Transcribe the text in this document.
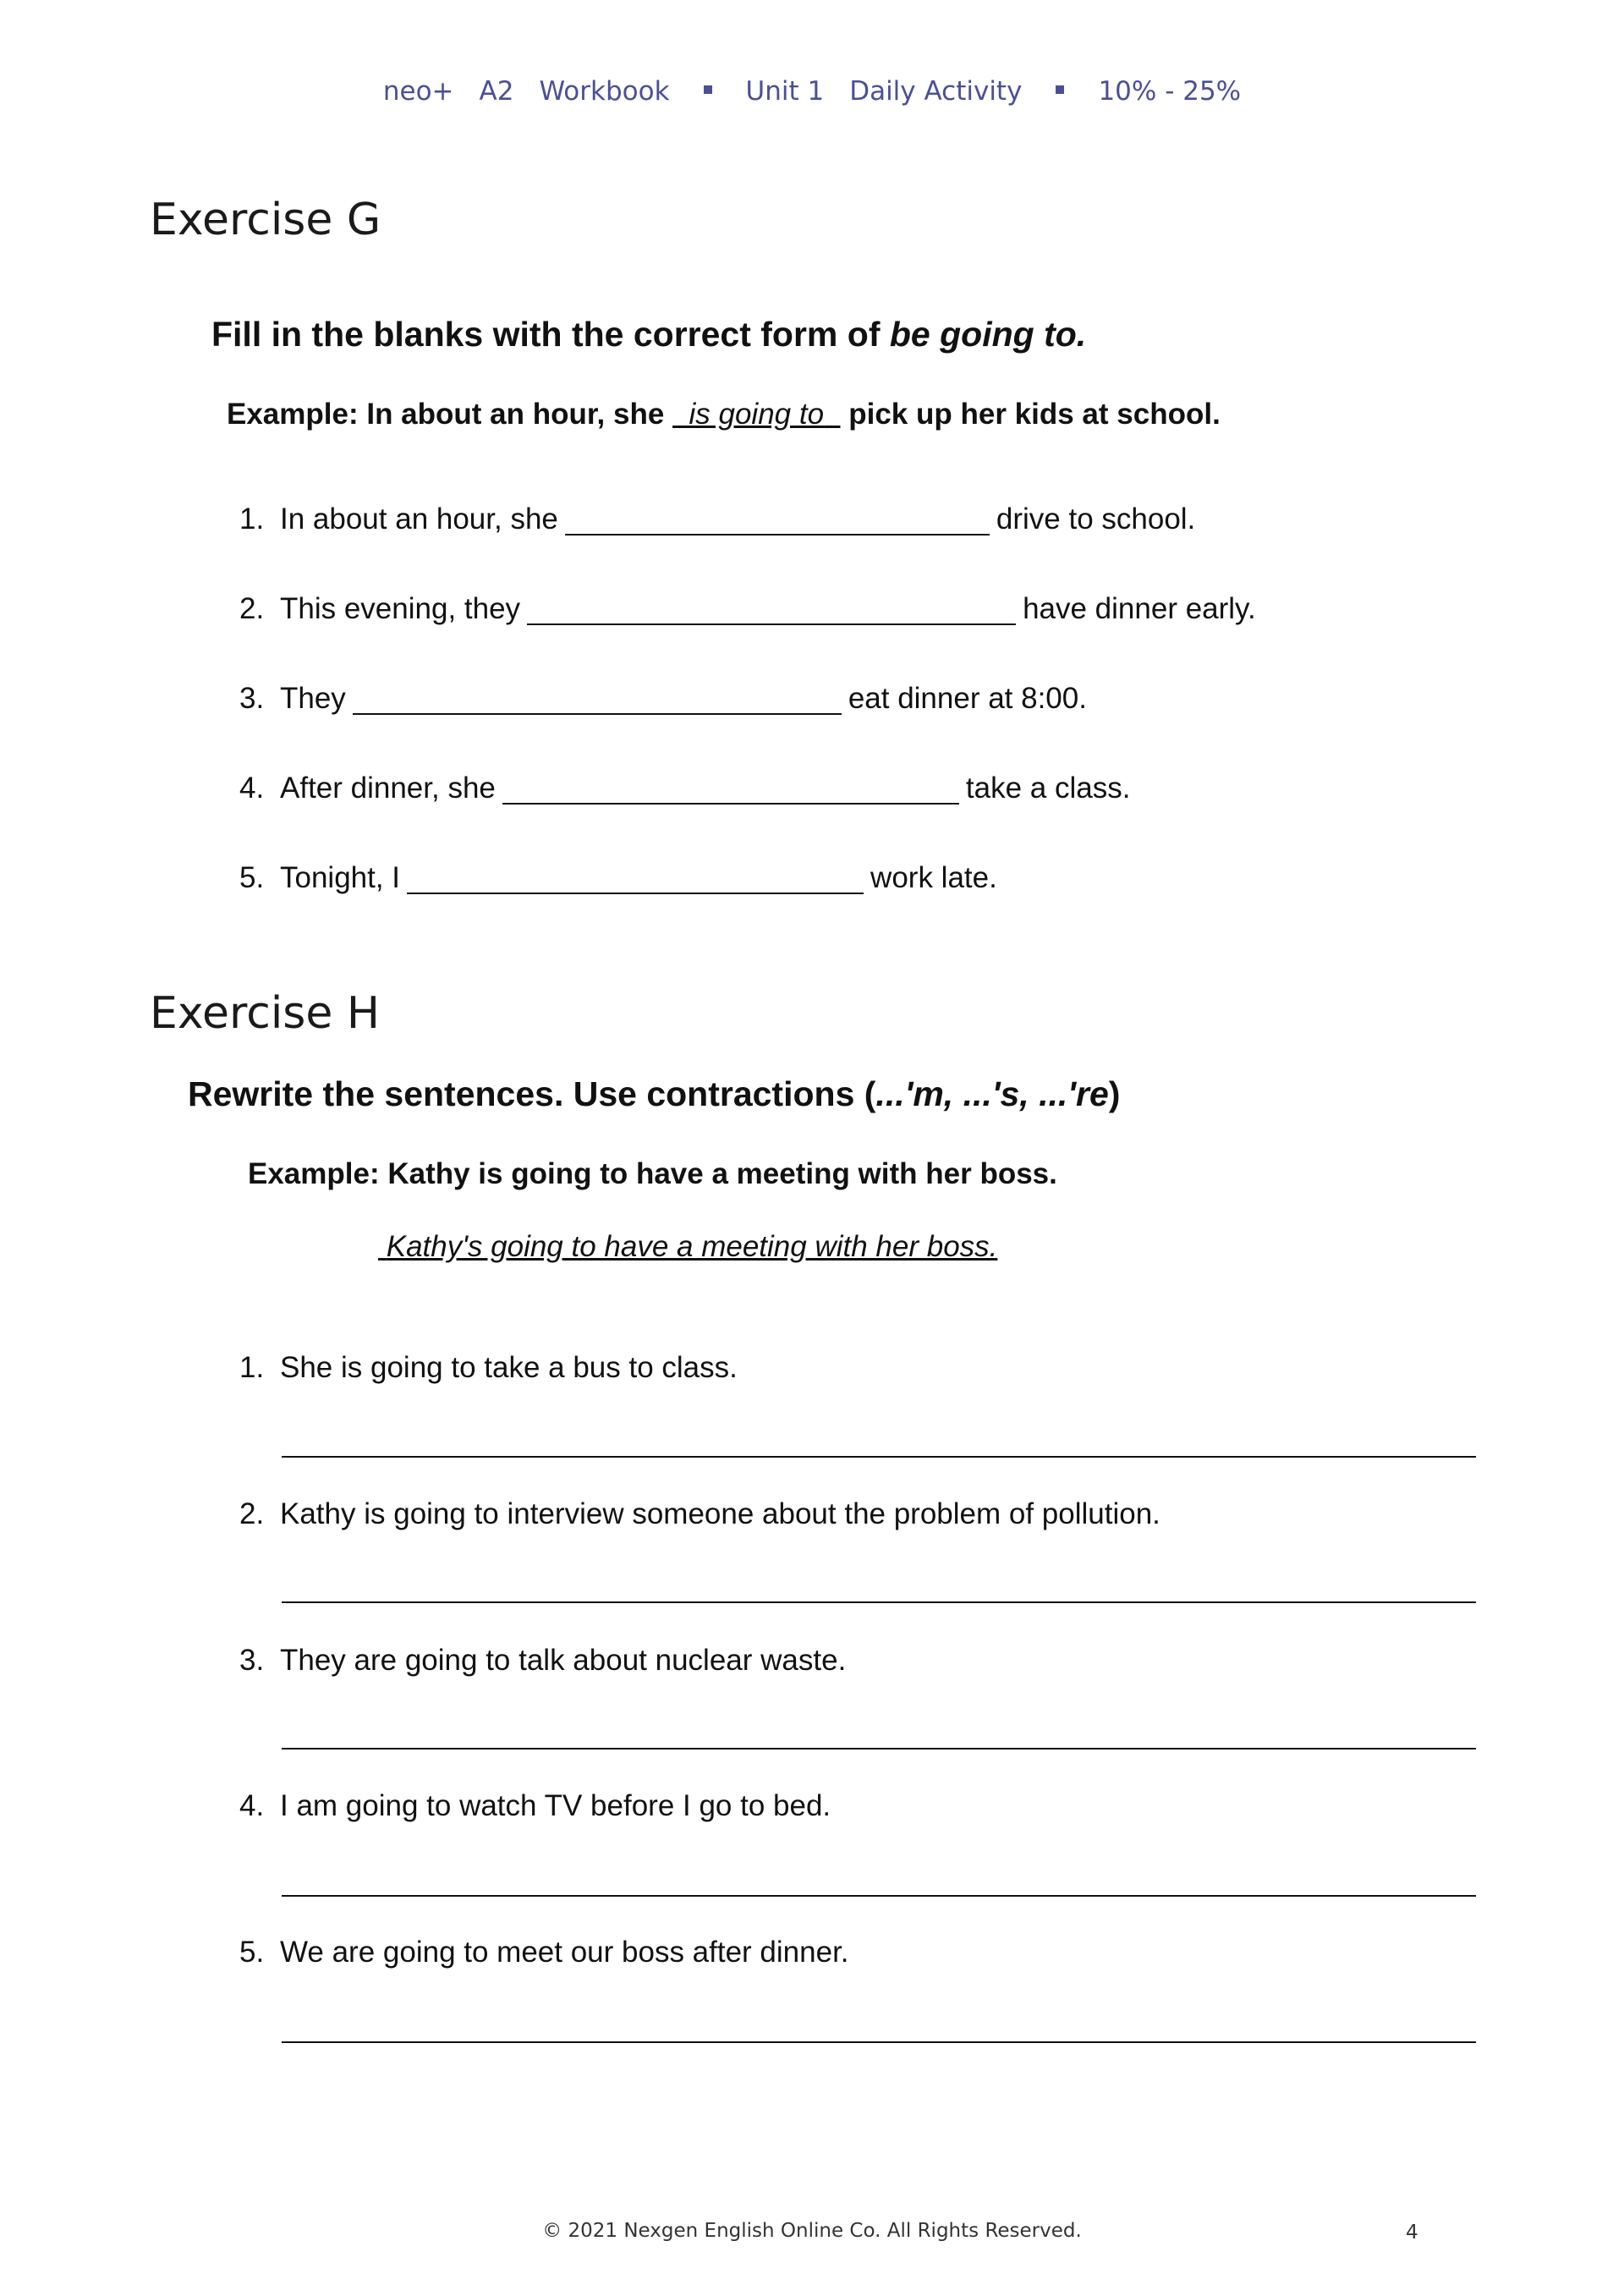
neo+ A2 Workbook	Unit 1 Daily Activity	10% - 25%
Exercise G
Fill in the blanks with the correct form of be going to.
Example: In about an hour, she   is going to   pick up her kids at school.
1. In about an hour, she	drive to school.
2. This evening, they	have dinner early.
3. They	eat dinner at 8:00.
4. After dinner, she	take a class.
5. Tonight, I	work late.
Exercise H
Rewrite the sentences. Use contractions (...'m, ...'s, ...'re)
Example: Kathy is going to have a meeting with her boss.
Kathy's going to have a meeting with her boss.
1. She is going to take a bus to class.
2. Kathy is going to interview someone about the problem of pollution.
3. They are going to talk about nuclear waste.
4. I am going to watch TV before I go to bed.
5. We are going to meet our boss after dinner.
© 2021 Nexgen English Online Co. All Rights Reserved.	4
